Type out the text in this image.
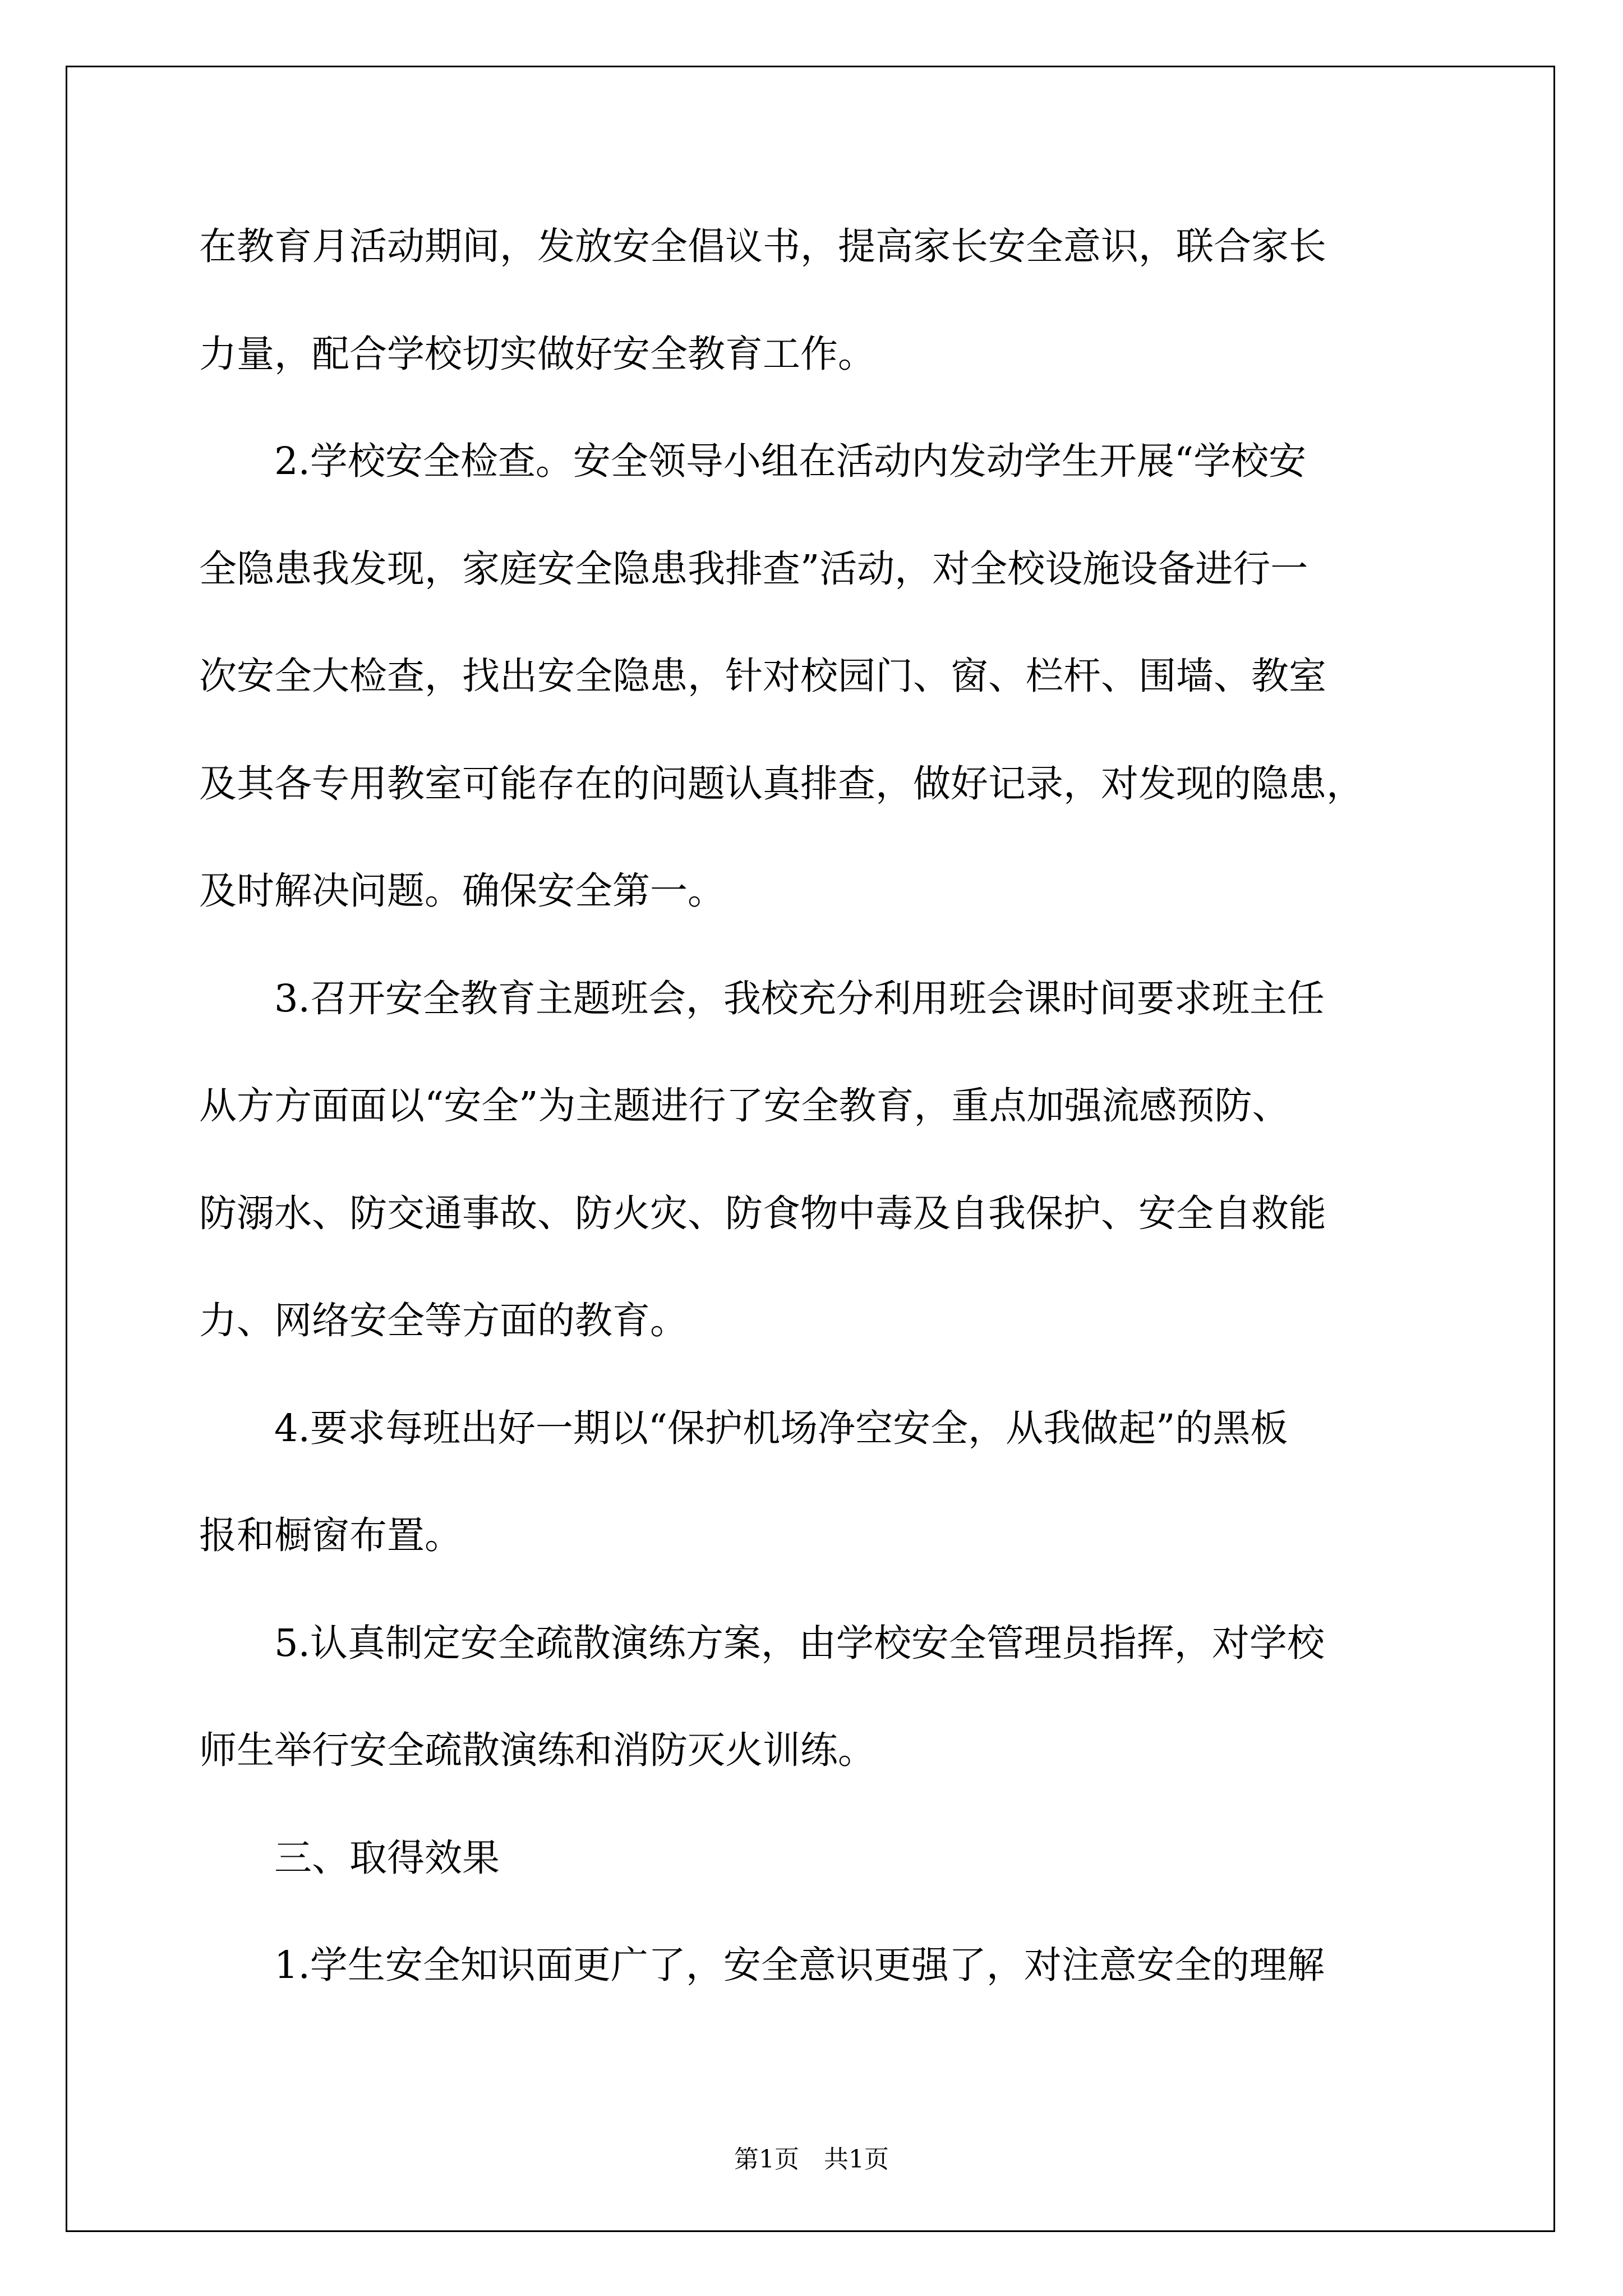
在教育月活动期间，发放安全倡议书，提高家长安全意识，联合家长
力量，配合学校切实做好安全教育工作。
　　2.学校安全检查。安全领导小组在活动内发动学生开展“学校安
全隐患我发现，家庭安全隐患我排查”活动，对全校设施设备进行一
次安全大检查，找出安全隐患，针对校园门、窗、栏杆、围墙、教室
及其各专用教室可能存在的问题认真排查，做好记录，对发现的隐患，
及时解决问题。确保安全第一。
　　3.召开安全教育主题班会，我校充分利用班会课时间要求班主任
从方方面面以“安全”为主题进行了安全教育，重点加强流感预防、
防溺水、防交通事故、防火灾、防食物中毒及自我保护、安全自救能
力、网络安全等方面的教育。
　　4.要求每班出好一期以“保护机场净空安全，从我做起”的黑板
报和橱窗布置。
　　5.认真制定安全疏散演练方案，由学校安全管理员指挥，对学校
师生举行安全疏散演练和消防灭火训练。
　　三、取得效果
　　1.学生安全知识面更广了，安全意识更强了，对注意安全的理解
第1页　共1页
